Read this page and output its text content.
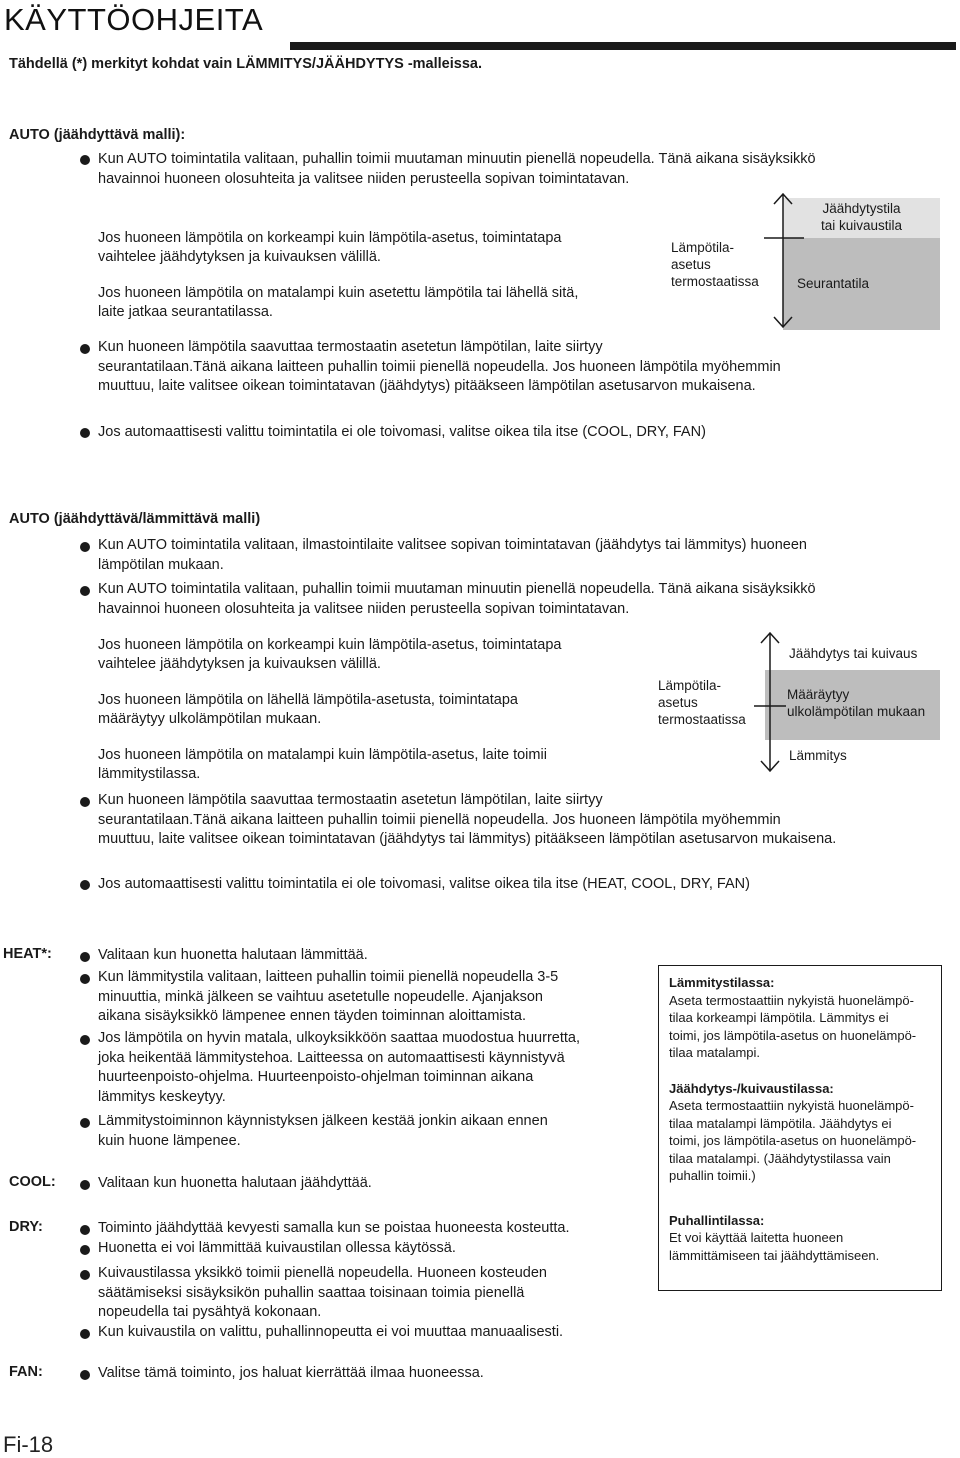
KÄYTTÖOHJEITA
Tähdellä (*) merkityt kohdat vain LÄMMITYS/JÄÄHDYTYS -malleissa.
AUTO (jäähdyttävä malli):
Kun AUTO toimintatila valitaan, puhallin toimii muutaman minuutin pienellä nopeudella. Tänä aikana sisäyksikkö
havainnoi huoneen olosuhteita ja valitsee niiden perusteella sopivan toimintatavan.
Jos huoneen lämpötila on korkeampi kuin lämpötila-asetus, toimintatapa
vaihtelee jäähdytyksen ja kuivauksen välillä.
Jos huoneen lämpötila on matalampi kuin asetettu lämpötila tai lähellä sitä,
laite jatkaa seurantatilassa.
Lämpötila-
asetus
termostaatissa
Jäähdytystila
tai kuivaustila
Seurantatila
Kun huoneen lämpötila saavuttaa termostaatin asetetun lämpötilan, laite siirtyy
seurantatilaan.Tänä aikana laitteen puhallin toimii pienellä nopeudella. Jos huoneen lämpötila myöhemmin
muuttuu, laite valitsee oikean toimintatavan (jäähdytys) pitääkseen lämpötilan asetusarvon mukaisena.
Jos automaattisesti valittu toimintatila ei ole toivomasi, valitse oikea tila itse (COOL, DRY, FAN)
AUTO (jäähdyttävä/lämmittävä malli)
Kun AUTO toimintatila valitaan, ilmastointilaite valitsee sopivan toimintatavan (jäähdytys tai lämmitys) huoneen
lämpötilan mukaan.
Kun AUTO toimintatila valitaan, puhallin toimii muutaman minuutin pienellä nopeudella. Tänä aikana sisäyksikkö
havainnoi huoneen olosuhteita ja valitsee niiden perusteella sopivan toimintatavan.
Jos huoneen lämpötila on korkeampi kuin lämpötila-asetus, toimintatapa
vaihtelee jäähdytyksen ja kuivauksen välillä.
Jos huoneen lämpötila on lähellä lämpötila-asetusta, toimintatapa
määräytyy ulkolämpötilan mukaan.
Jos huoneen lämpötila on matalampi kuin lämpötila-asetus, laite toimii
lämmitystilassa.
Lämpötila-
asetus
termostaatissa
Jäähdytys tai kuivaus
Määräytyy
ulkolämpötilan mukaan
Lämmitys
Kun huoneen lämpötila saavuttaa termostaatin asetetun lämpötilan, laite siirtyy
seurantatilaan.Tänä aikana laitteen puhallin toimii pienellä nopeudella. Jos huoneen lämpötila myöhemmin
muuttuu, laite valitsee oikean toimintatavan (jäähdytys tai lämmitys) pitääkseen lämpötilan asetusarvon mukaisena.
Jos automaattisesti valittu toimintatila ei ole toivomasi, valitse oikea tila itse (HEAT, COOL, DRY, FAN)
HEAT*:	Valitaan kun huonetta halutaan lämmittää.
Kun lämmitystila valitaan, laitteen puhallin toimii pienellä nopeudella 3-5
minuuttia, minkä jälkeen se vaihtuu asetetulle nopeudelle. Ajanjakson
aikana sisäyksikkö lämpenee ennen täyden toiminnan aloittamista.
Jos lämpötila on hyvin matala, ulkoyksikköön saattaa muodostua huurretta,
joka heikentää lämmitystehoa. Laitteessa on automaattisesti käynnistyvä
huurteenpoisto-ohjelma. Huurteenpoisto-ohjelman toiminnan aikana
lämmitys keskeytyy.
Lämmitystoiminnon käynnistyksen jälkeen kestää jonkin aikaan ennen
kuin huone lämpenee.
COOL:	Valitaan kun huonetta halutaan jäähdyttää.
DRY:	Toiminto jäähdyttää kevyesti samalla kun se poistaa huoneesta kosteutta.
Huonetta ei voi lämmittää kuivaustilan ollessa käytössä.
Kuivaustilassa yksikkö toimii pienellä nopeudella. Huoneen kosteuden
säätämiseksi sisäyksikön puhallin saattaa toisinaan toimia pienellä
nopeudella tai pysähtyä kokonaan.
Kun kuivaustila on valittu, puhallinnopeutta ei voi muuttaa manuaalisesti.
FAN:	Valitse tämä toiminto, jos haluat kierrättää ilmaa huoneessa.
Lämmitystilassa:
Aseta termostaattiin nykyistä huonelämpö-
tilaa korkeampi lämpötila. Lämmitys ei
toimi, jos lämpötila-asetus on huonelämpö-
tilaa matalampi.
Jäähdytys-/kuivaustilassa:
Aseta termostaattiin nykyistä huonelämpö-
tilaa matalampi lämpötila. Jäähdytys ei
toimi, jos lämpötila-asetus on huonelämpö-
tilaa matalampi. (Jäähdytystilassa vain
puhallin toimii.)
Puhallintilassa:
Et voi käyttää laitetta huoneen
lämmittämiseen tai jäähdyttämiseen.
Fi-18
